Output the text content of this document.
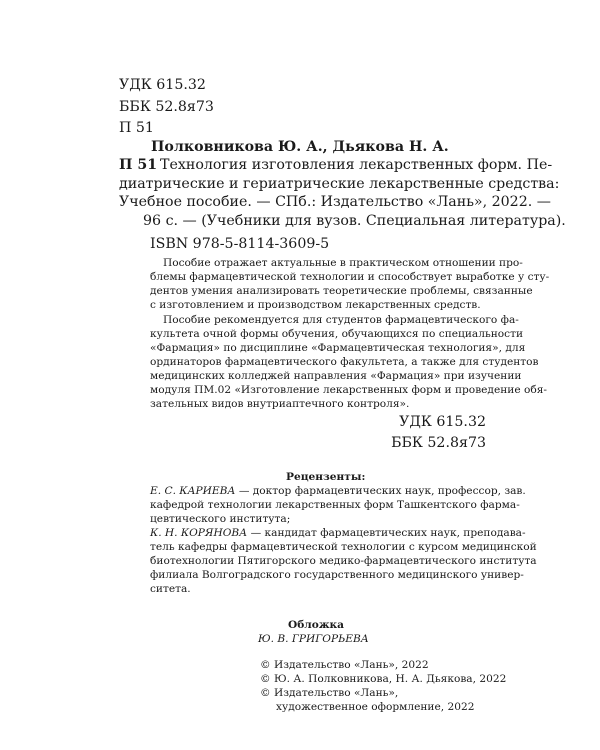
УДК 615.32
ББК 52.8я73
П 51
Полковникова Ю. А., Дьякова Н. А.
П 51 Технология изготовления лекарственных форм. Пе-
диатрические и гериатрические лекарственные средства:
Учебное пособие. — СПб.: Издательство «Лань», 2022. —
96 с. — (Учебники для вузов. Специальная литература).
ISBN 978-5-8114-3609-5
Пособие отражает актуальные в практическом отношении про-
блемы фармацевтической технологии и способствует выработке у сту-
дентов умения анализировать теоретические проблемы, связанные
с изготовлением и производством лекарственных средств.
Пособие рекомендуется для студентов фармацевтического фа-
культета очной формы обучения, обучающихся по специальности
«Фармация» по дисциплине «Фармацевтическая технология», для
ординаторов фармацевтического факультета, а также для студентов
медицинских колледжей направления «Фармация» при изучении
модуля ПМ.02 «Изготовление лекарственных форм и проведение обя-
зательных видов внутриаптечного контроля».
УДК 615.32
ББК 52.8я73
Рецензенты:
Е. С. КАРИЕВА — доктор фармацевтических наук, профессор, зав.
кафедрой технологии лекарственных форм Ташкентского фарма-
цевтического института;
К. Н. КОРЯНОВА — кандидат фармацевтических наук, преподава-
тель кафедры фармацевтической технологии с курсом медицинской
биотехнологии Пятигорского медико-фармацевтического института
филиала Волгоградского государственного медицинского универ-
ситета.
Обложка
Ю. В. ГРИГОРЬЕВА
© Издательство «Лань», 2022
© Ю. А. Полковникова, Н. А. Дьякова, 2022
© Издательство «Лань»,
художественное оформление, 2022
